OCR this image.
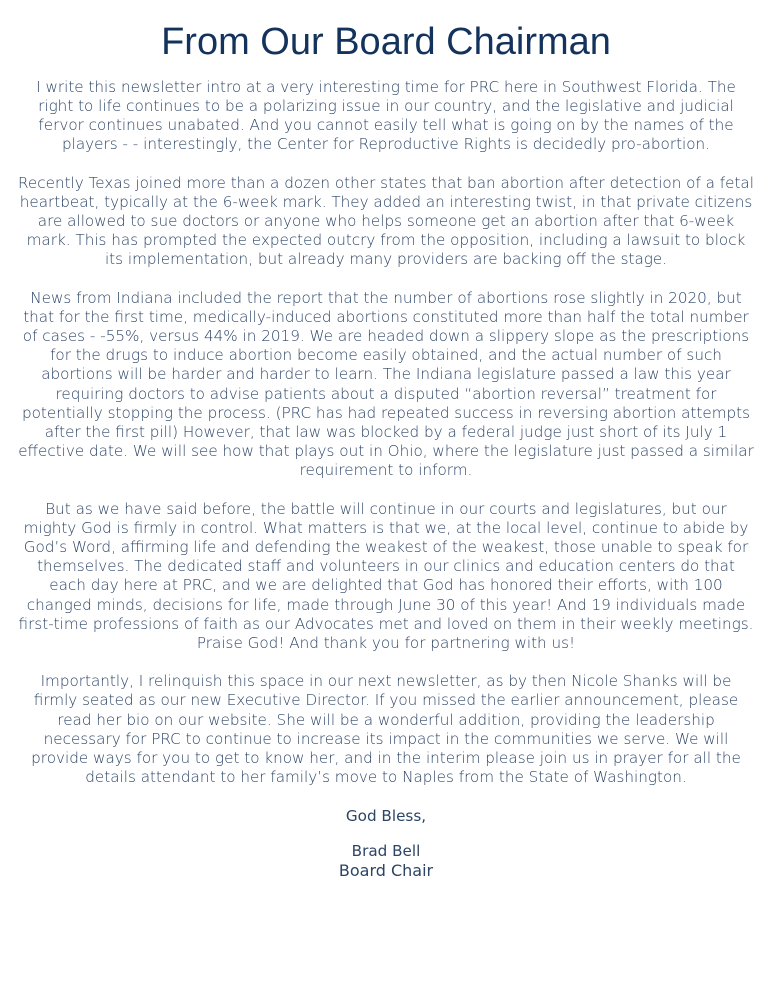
From Our Board Chairman

I write this newsletter intro at a very interesting time for PRC here in Southwest Florida. The right to life continues to be a polarizing issue in our country, and the legislative and judicial fervor continues unabated. And you cannot easily tell what is going on by the names of the players - - interestingly, the Center for Reproductive Rights is decidedly pro-abortion.

Recently Texas joined more than a dozen other states that ban abortion after detection of a fetal heartbeat, typically at the 6-week mark. They added an interesting twist, in that private citizens are allowed to sue doctors or anyone who helps someone get an abortion after that 6-week mark. This has prompted the expected outcry from the opposition, including a lawsuit to block its implementation, but already many providers are backing off the stage.

News from Indiana included the report that the number of abortions rose slightly in 2020, but that for the first time, medically-induced abortions constituted more than half the total number of cases - -55%, versus 44% in 2019. We are headed down a slippery slope as the prescriptions for the drugs to induce abortion become easily obtained, and the actual number of such abortions will be harder and harder to learn. The Indiana legislature passed a law this year requiring doctors to advise patients about a disputed “abortion reversal” treatment for potentially stopping the process. (PRC has had repeated success in reversing abortion attempts after the first pill) However, that law was blocked by a federal judge just short of its July 1 effective date. We will see how that plays out in Ohio, where the legislature just passed a similar requirement to inform.

But as we have said before, the battle will continue in our courts and legislatures, but our mighty God is firmly in control. What matters is that we, at the local level, continue to abide by God’s Word, affirming life and defending the weakest of the weakest, those unable to speak for themselves. The dedicated staff and volunteers in our clinics and education centers do that each day here at PRC, and we are delighted that God has honored their efforts, with 100 changed minds, decisions for life, made through June 30 of this year! And 19 individuals made first-time professions of faith as our Advocates met and loved on them in their weekly meetings. Praise God! And thank you for partnering with us!

Importantly, I relinquish this space in our next newsletter, as by then Nicole Shanks will be firmly seated as our new Executive Director. If you missed the earlier announcement, please read her bio on our website. She will be a wonderful addition, providing the leadership necessary for PRC to continue to increase its impact in the communities we serve. We will provide ways for you to get to know her, and in the interim please join us in prayer for all the details attendant to her family’s move to Naples from the State of Washington.

God Bless,

Brad Bell

Board Chair
